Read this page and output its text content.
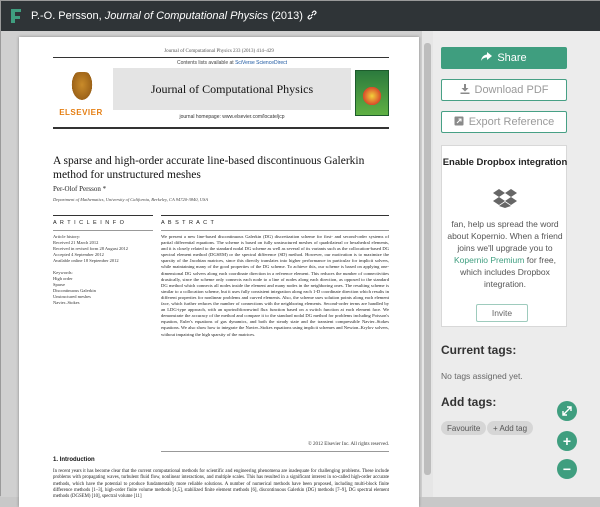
P.-O. Persson, Journal of Computational Physics (2013)
Journal of Computational Physics 233 (2013) 414–429
ELSEVIER
Contents lists available at SciVerse ScienceDirect
Journal of Computational Physics
journal homepage: www.elsevier.com/locate/jcp
A sparse and high-order accurate line-based discontinuous Galerkin method for unstructured meshes
Per-Olof Persson *
Department of Mathematics, University of California, Berkeley, CA 94720-3840, USA
A R T I C L E I N F O	A B S T R A C T
Article history:
Received 21 March 2012
Received in revised form 28 August 2012
Accepted 4 September 2012
Available online 18 September 2012

Keywords:
High order
Sparse
Discontinuous Galerkin
Unstructured meshes
Navier–Stokes
We present a new line-based discontinuous Galerkin (DG) discretization scheme for first- and second-order systems of partial differential equations. The scheme is based on fully unstructured meshes of quadrilateral or hexahedral elements, and it is closely related to the standard nodal DG scheme as well as several of its variants such as the collocation-based DG spectral element method (DGSEM) or the spectral difference (SD) method. However, our motivation is to maximize the sparsity of the Jacobian matrices, since this directly translates into higher performance in particular for implicit solvers, while maintaining many of the good properties of the DG scheme. To achieve this, our scheme is based on applying one-dimensional DG solvers along each coordinate direction in a reference element. This reduces the number of connectivities drastically, since the scheme only connects each node to a line of nodes along each direction, as opposed to the standard DG method which connects all nodes inside the element and many nodes in the neighboring ones. The resulting scheme is similar to a collocation scheme, but it uses fully consistent integration along each 1-D coordinate direction which results in different properties for nonlinear problems and curved elements. Also, the scheme uses solution points along each element face, which further reduces the number of connections with the neighboring elements. Second-order terms are handled by an LDG-type approach, with an upwind/downwind flux function based on a switch function at each element face. We demonstrate the accuracy of the method and compare it to the standard nodal DG method for problems including Poisson's equation, Euler's equations of gas dynamics, and both the steady state and the transient compressible Navier–Stokes equations. We also show how to integrate the Navier–Stokes equations using implicit schemes and Newton–Krylov solvers, without impairing the high sparsity of the matrices.
© 2012 Elsevier Inc. All rights reserved.
1. Introduction
In recent years it has become clear that the current computational methods for scientific and engineering phenomena are inadequate for challenging problems. These include problems with propagating waves, turbulent fluid flow, nonlinear interactions, and multiple scales. This has resulted in a significant interest in so-called high-order accurate methods, which have the potential to produce fundamentally more reliable solutions. A number of numerical methods have been proposed, including multi-block finite difference methods [1–3], high-order finite volume methods [4,5], stabilized finite element methods [6], discontinuous Galerkin (DG) methods [7–9], DG spectral element methods (DGSEM) [10], spectral volume [11]
Share
Download PDF
Export Reference
Enable Dropbox integration
fan, help us spread the word about Kopernio. When a friend joins we'll upgrade you to Kopernio Premium for free, which includes Dropbox integration.
Invite
Current tags:
No tags assigned yet.
Add tags:
Favourite	+ Add tag
+
−
